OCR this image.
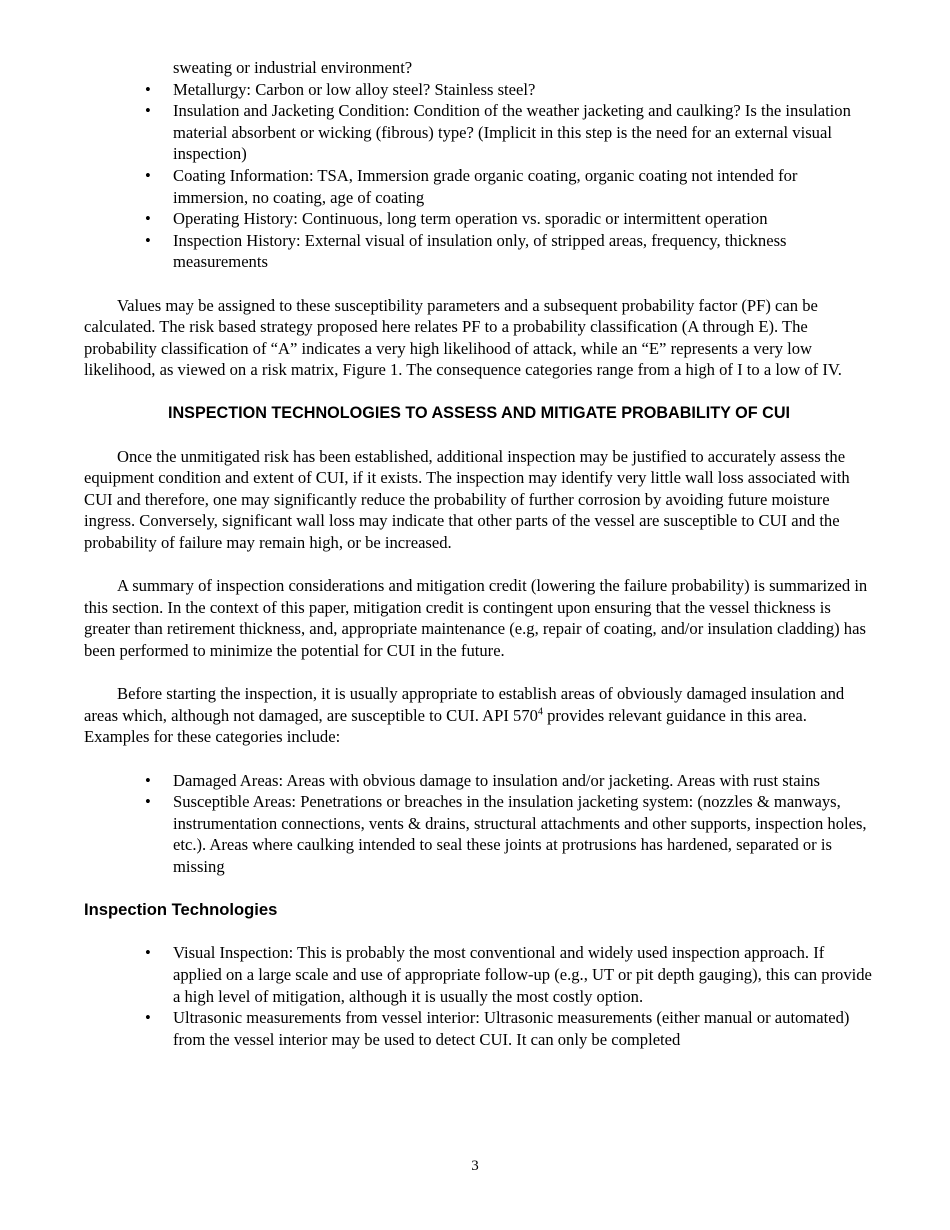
sweating or industrial environment?
• Metallurgy: Carbon or low alloy steel? Stainless steel?
• Insulation and Jacketing Condition: Condition of the weather jacketing and caulking? Is the insulation material absorbent or wicking (fibrous) type? (Implicit in this step is the need for an external visual inspection)
• Coating Information: TSA, Immersion grade organic coating, organic coating not intended for immersion, no coating, age of coating
• Operating History: Continuous, long term operation vs. sporadic or intermittent operation
• Inspection History: External visual of insulation only, of stripped areas, frequency, thickness measurements

Values may be assigned to these susceptibility parameters and a subsequent probability factor (PF) can be calculated. The risk based strategy proposed here relates PF to a probability classification (A through E). The probability classification of “A” indicates a very high likelihood of attack, while an “E” represents a very low likelihood, as viewed on a risk matrix, Figure 1. The consequence categories range from a high of I to a low of IV.

INSPECTION TECHNOLOGIES TO ASSESS AND MITIGATE PROBABILITY OF CUI

Once the unmitigated risk has been established, additional inspection may be justified to accurately assess the equipment condition and extent of CUI, if it exists. The inspection may identify very little wall loss associated with CUI and therefore, one may significantly reduce the probability of further corrosion by avoiding future moisture ingress. Conversely, significant wall loss may indicate that other parts of the vessel are susceptible to CUI and the probability of failure may remain high, or be increased.

A summary of inspection considerations and mitigation credit (lowering the failure probability) is summarized in this section. In the context of this paper, mitigation credit is contingent upon ensuring that the vessel thickness is greater than retirement thickness, and, appropriate maintenance (e.g, repair of coating, and/or insulation cladding) has been performed to minimize the potential for CUI in the future.

Before starting the inspection, it is usually appropriate to establish areas of obviously damaged insulation and areas which, although not damaged, are susceptible to CUI. API $570^4$ provides relevant guidance in this area. Examples for these categories include:

• Damaged Areas: Areas with obvious damage to insulation and/or jacketing. Areas with rust stains
• Susceptible Areas: Penetrations or breaches in the insulation jacketing system: (nozzles & manways, instrumentation connections, vents & drains, structural attachments and other supports, inspection holes, etc.). Areas where caulking intended to seal these joints at protrusions has hardened, separated or is missing
Inspection Technologies
• Visual Inspection: This is probably the most conventional and widely used inspection approach. If applied on a large scale and use of appropriate follow-up (e.g., UT or pit depth gauging), this can provide a high level of mitigation, although it is usually the most costly option.
• Ultrasonic measurements from vessel interior: Ultrasonic measurements (either manual or automated) from the vessel interior may be used to detect CUI. It can only be completed
3
